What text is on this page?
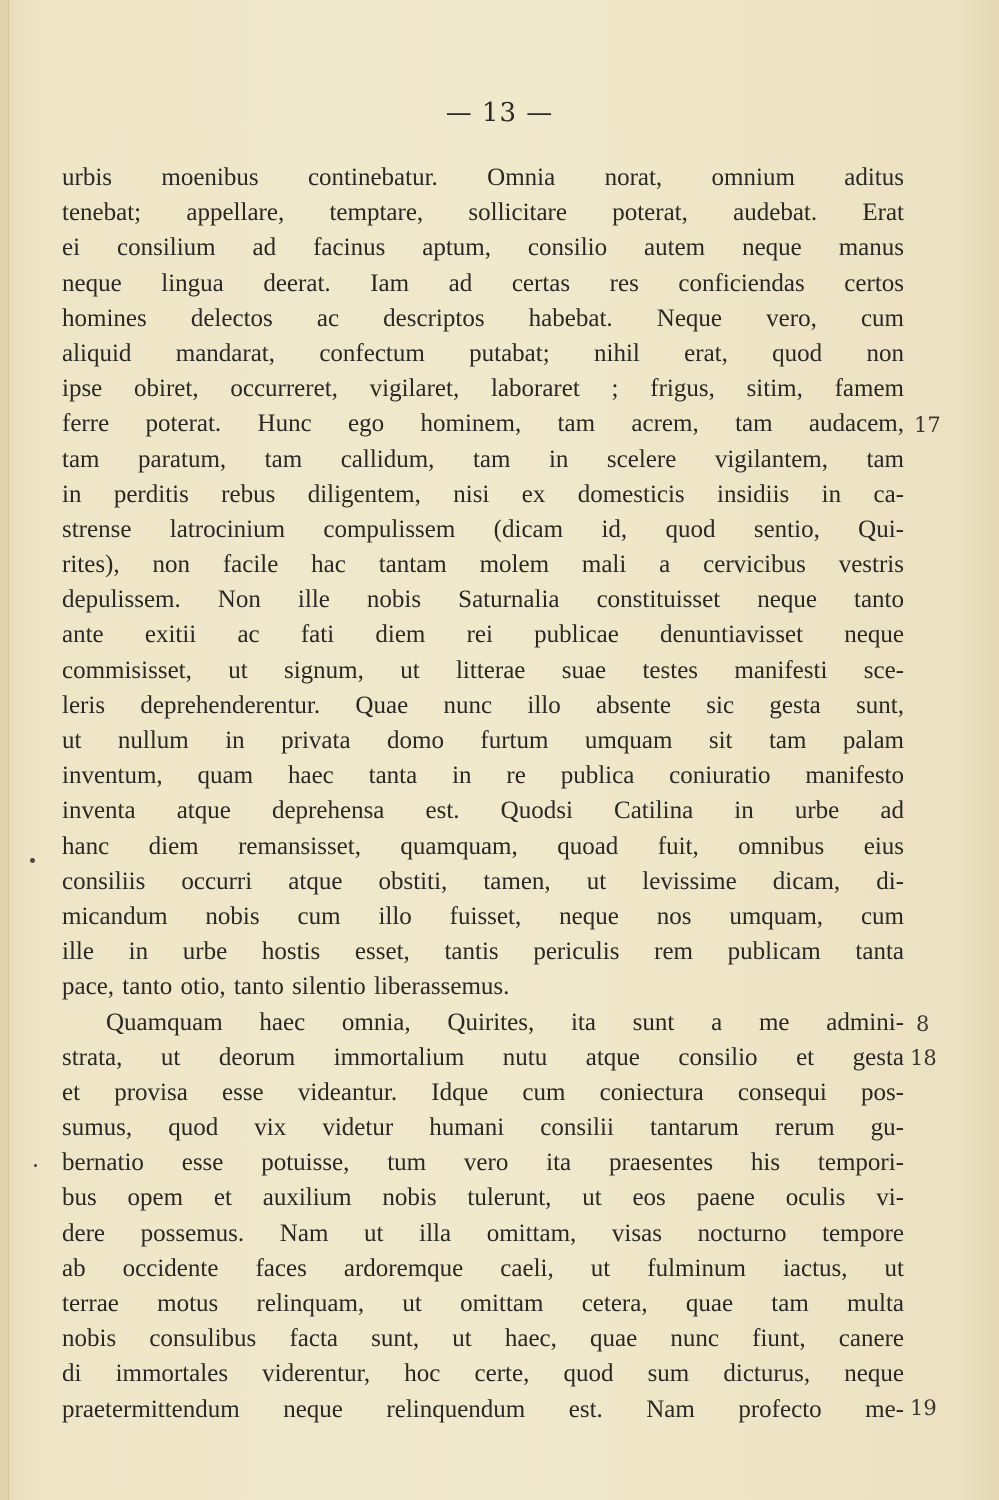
— 13 —
urbis moenibus continebatur. Omnia norat, omnium aditus
tenebat; appellare, temptare, sollicitare poterat, audebat. Erat
ei consilium ad facinus aptum, consilio autem neque manus
neque lingua deerat. Iam ad certas res conficiendas certos
homines delectos ac descriptos habebat. Neque vero, cum
aliquid mandarat, confectum putabat; nihil erat, quod non
ipse obiret, occurreret, vigilaret, laboraret ; frigus, sitim, famem
ferre poterat. Hunc ego hominem, tam acrem, tam audacem,
tam paratum, tam callidum, tam in scelere vigilantem, tam
in perditis rebus diligentem, nisi ex domesticis insidiis in ca-
strense latrocinium compulissem (dicam id, quod sentio, Qui-
rites), non facile hac tantam molem mali a cervicibus vestris
depulissem. Non ille nobis Saturnalia constituisset neque tanto
ante exitii ac fati diem rei publicae denuntiavisset neque
commisisset, ut signum, ut litterae suae testes manifesti sce-
leris deprehenderentur. Quae nunc illo absente sic gesta sunt,
ut nullum in privata domo furtum umquam sit tam palam
inventum, quam haec tanta in re publica coniuratio manifesto
inventa atque deprehensa est. Quodsi Catilina in urbe ad
hanc diem remansisset, quamquam, quoad fuit, omnibus eius
consiliis occurri atque obstiti, tamen, ut levissime dicam, di-
micandum nobis cum illo fuisset, neque nos umquam, cum
ille in urbe hostis esset, tantis periculis rem publicam tanta
pace, tanto otio, tanto silentio liberassemus.
Quamquam haec omnia, Quirites, ita sunt a me admini-
strata, ut deorum immortalium nutu atque consilio et gesta
et provisa esse videantur. Idque cum coniectura consequi pos-
sumus, quod vix videtur humani consilii tantarum rerum gu-
bernatio esse potuisse, tum vero ita praesentes his tempori-
bus opem et auxilium nobis tulerunt, ut eos paene oculis vi-
dere possemus. Nam ut illa omittam, visas nocturno tempore
ab occidente faces ardoremque caeli, ut fulminum iactus, ut
terrae motus relinquam, ut omittam cetera, quae tam multa
nobis consulibus facta sunt, ut haec, quae nunc fiunt, canere
di immortales viderentur, hoc certe, quod sum dicturus, neque
praetermittendum neque relinquendum est. Nam profecto me-
17
8
18
19
